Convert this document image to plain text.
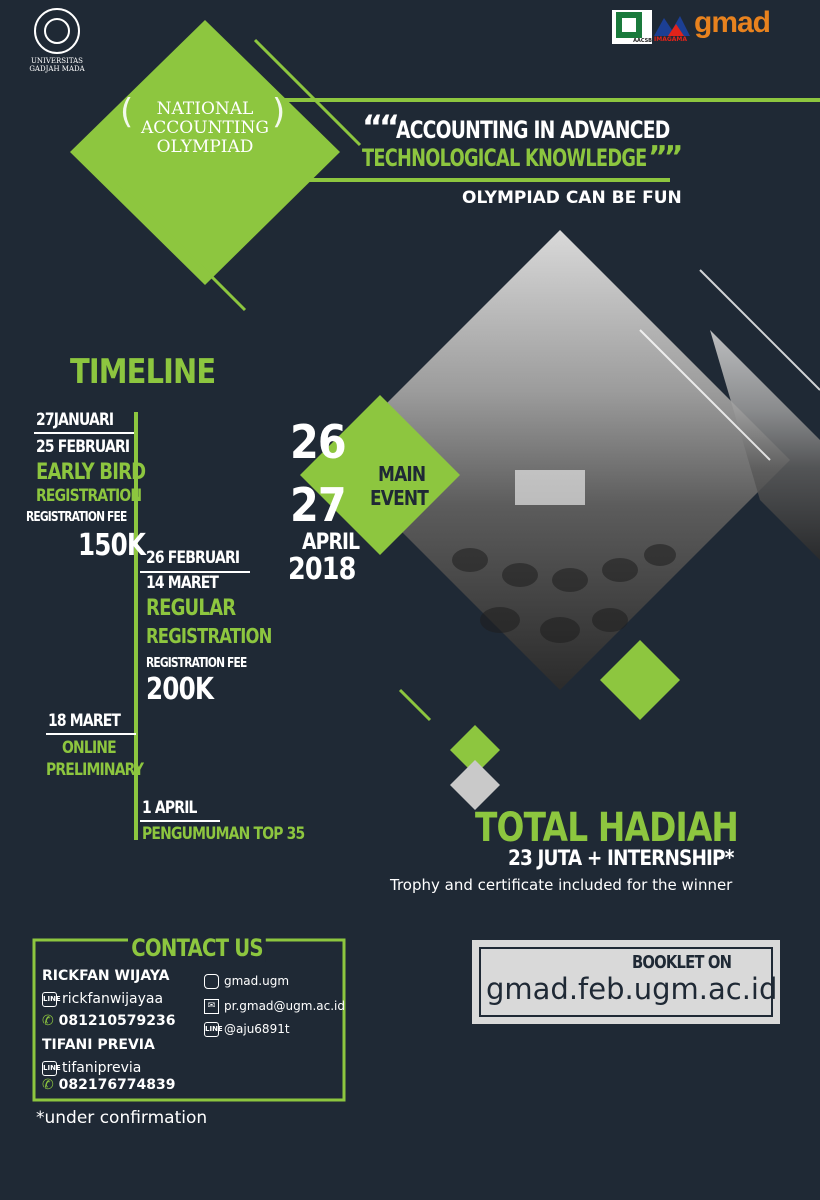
UNIVERSITAS
GADJAH MADA
AACSB IMAGAMA
gmad
NATIONAL
ACCOUNTING
OLYMPIAD
(	) ““ ACCOUNTING IN ADVANCED
TECHNOLOGICAL KNOWLEDGE ””
OLYMPIAD CAN BE FUN
TIMELINE
27JANUARI
25 FEBRUARI
EARLY BIRD
REGISTRATION
REGISTRATION FEE
150K 26 FEBRUARI
14 MARET
REGULAR
REGISTRATION
REGISTRATION FEE
200K
18 MARET
ONLINE
PRELIMINARY
1 APRIL
PENGUMUMAN TOP 35
26
27
APRIL
2018
MAIN
EVENT
TOTAL HADIAH
23 JUTA + INTERNSHIP*
Trophy and certificate included for the winner
CONTACT US
RICKFAN WIJAYA
LINErickfanwijayaa
✆ 081210579236
TIFANI PREVIA
LINEtifaniprevia
✆ 082176774839
gmad.ugm
✉ pr.gmad@ugm.ac.id
LINE@aju6891t
BOOKLET ON
gmad.feb.ugm.ac.id
*under confirmation
